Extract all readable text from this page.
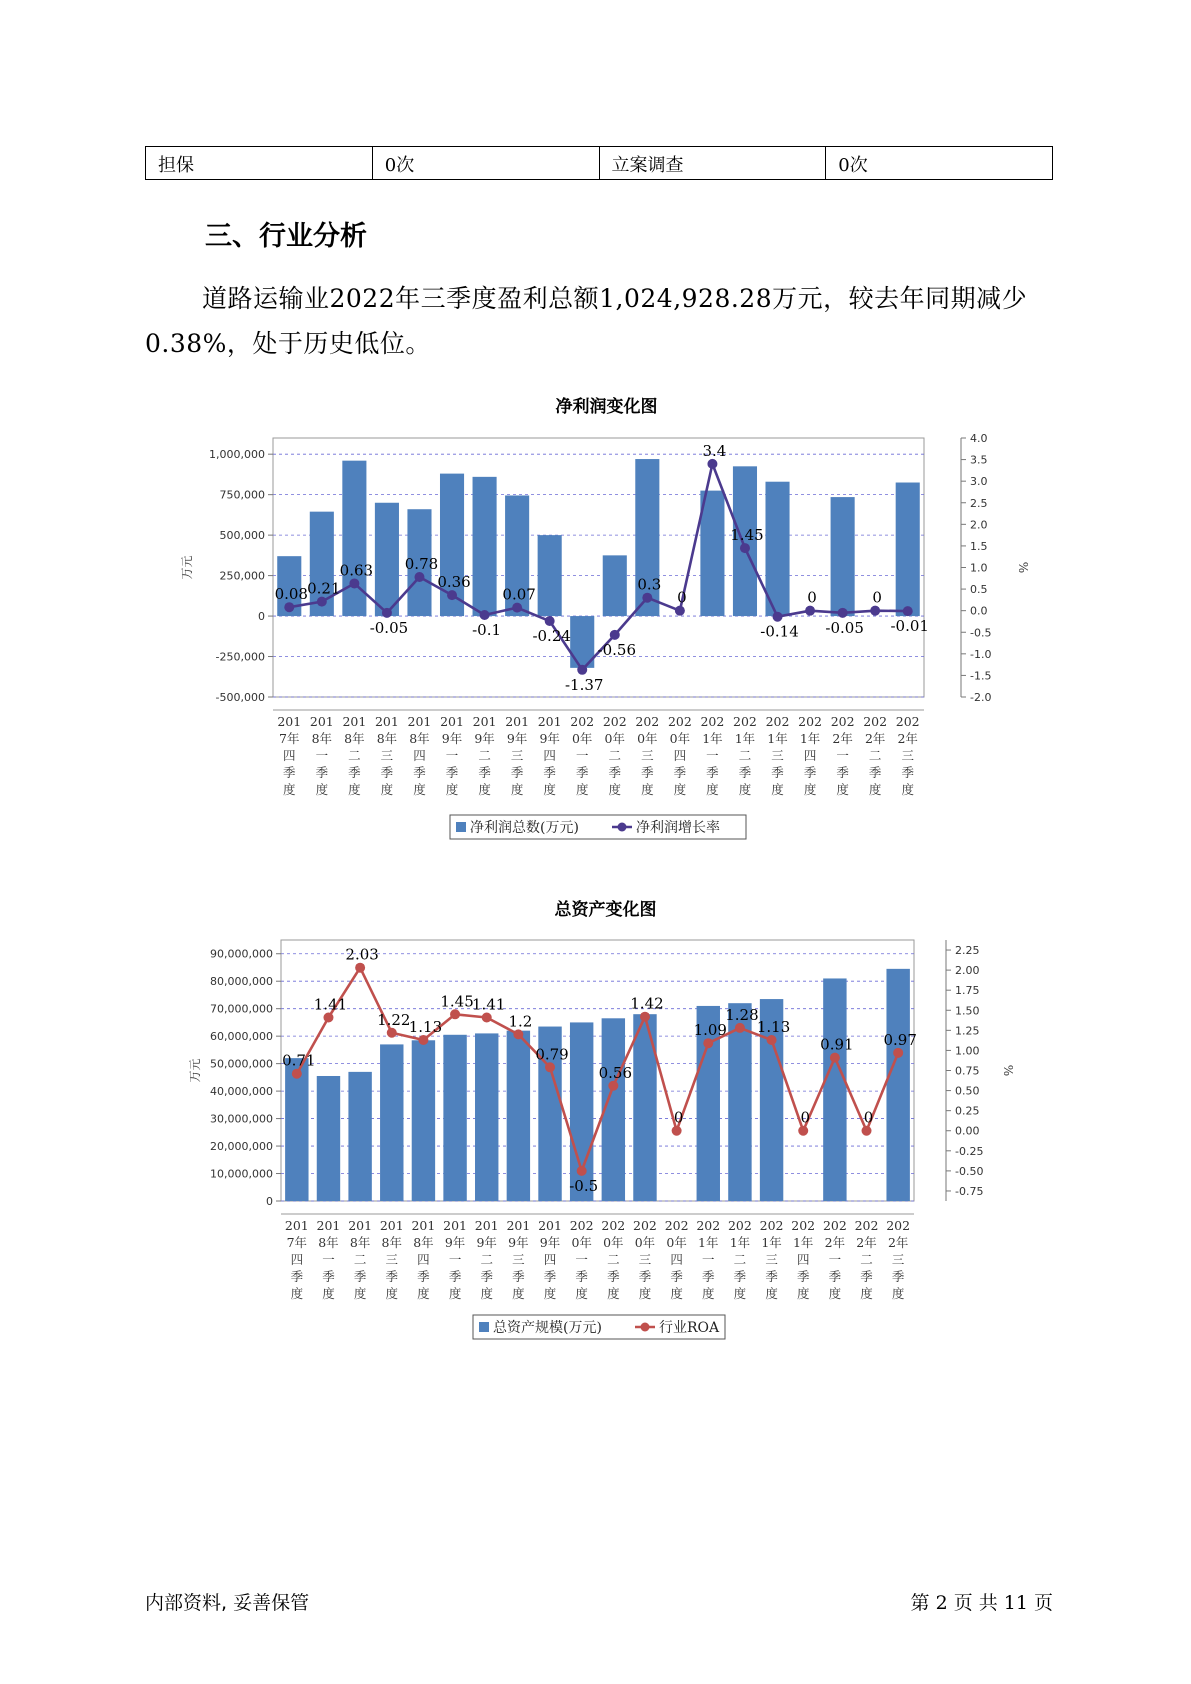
担保	0次	立案调查	0次
三、行业分析

道路运输业2022年三季度盈利总额1,024,928.28万元，较去年同期减少0.38%，处于历史低位。

净利润变化图
1,000,000
750,000
500,000
250,000
0
-250,000
-500,000
4.0
3.5
3.0
2.5
2.0
1.5
1.0
0.5
0.0
-0.5
-1.0
-1.5
-2.0
万元	%
201 7年四季度
201 8年一季度
201 8年二季度
201 8年三季度
201 8年四季度
201 9年一季度
201 9年二季度
201 9年三季度
201 9年四季度
202 0年一季度
202 0年二季度
202 0年三季度
202 0年四季度
202 1年一季度
202 1年二季度
202 1年三季度
202 1年四季度
202 2年一季度
202 2年二季度
202 2年三季度
0.08 0.21
0.63
-0.05
0.78
0.36
-0.1
0.07
-0.24
-1.37
-0.56
0.3
0
3.4
1.45
-0.14
0
-0.05
0
-0.01
净利润总数(万元)	净利润增长率
总资产变化图
90,000,000
80,000,000
70,000,000
60,000,000
50,000,000
40,000,000
30,000,000
20,000,000
10,000,000
0
2.25
2.00
1.75
1.50
1.25
1.00
0.75
0.50
0.25
0.00
-0.25
-0.50
-0.75
万元	%
201 7年四季度
201 8年一季度
201 8年二季度
201 8年三季度
201 8年四季度
201 9年一季度
201 9年二季度
201 9年三季度
201 9年四季度
202 0年一季度
202 0年二季度
202 0年三季度
202 0年四季度
202 1年一季度
202 1年二季度
202 1年三季度
202 1年四季度
202 2年一季度
202 2年二季度
202 2年三季度
0.71
1.41
2.03
1.22
1.13
1.45
1.41
1.2
0.79
-0.5
0.56
1.42
0
1.09
1.28
1.13
0
0.91
0
0.97
总资产规模(万元)	行业ROA
内部资料, 妥善保管	第 2 页 共 11 页
